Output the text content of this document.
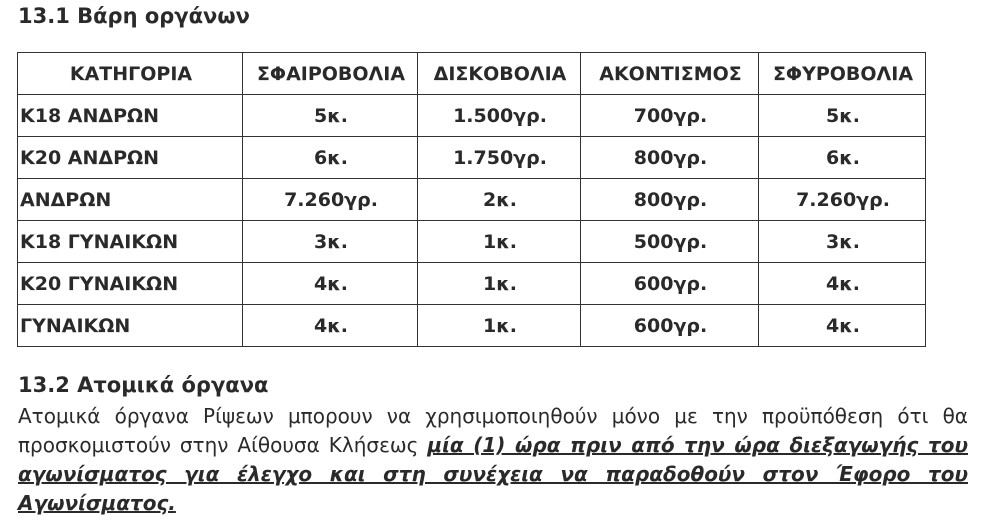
13.1 Βάρη οργάνων
ΚΑΤΗΓΟΡΙΑ	ΣΦΑΙΡΟΒΟΛΙΑ	ΔΙΣΚΟΒΟΛΙΑ	ΑΚΟΝΤΙΣΜΟΣ	ΣΦΥΡΟΒΟΛΙΑ
Κ18 ΑΝΔΡΩΝ	5κ.	1.500γρ.	700γρ.	5κ.
Κ20 ΑΝΔΡΩΝ	6κ.	1.750γρ.	800γρ.	6κ.
ΑΝΔΡΩΝ	7.260γρ.	2κ.	800γρ.	7.260γρ.
Κ18 ΓΥΝΑΙΚΩΝ	3κ.	1κ.	500γρ.	3κ.
Κ20 ΓΥΝΑΙΚΩΝ	4κ.	1κ.	600γρ.	4κ.
ΓΥΝΑΙΚΩΝ	4κ.	1κ.	600γρ.	4κ.
13.2 Ατομικά όργανα

Ατομικά όργανα Ρίψεων μπορουν να χρησιμοποιηθούν μόνο με την προϋπόθεση ότι θα προσκομιστούν στην Αίθουσα Κλήσεως μία (1) ώρα πριν από την ώρα διεξαγωγής του αγωνίσματος για έλεγχο και στη συνέχεια να παραδοθούν στον Έφορο του Αγωνίσματος.
